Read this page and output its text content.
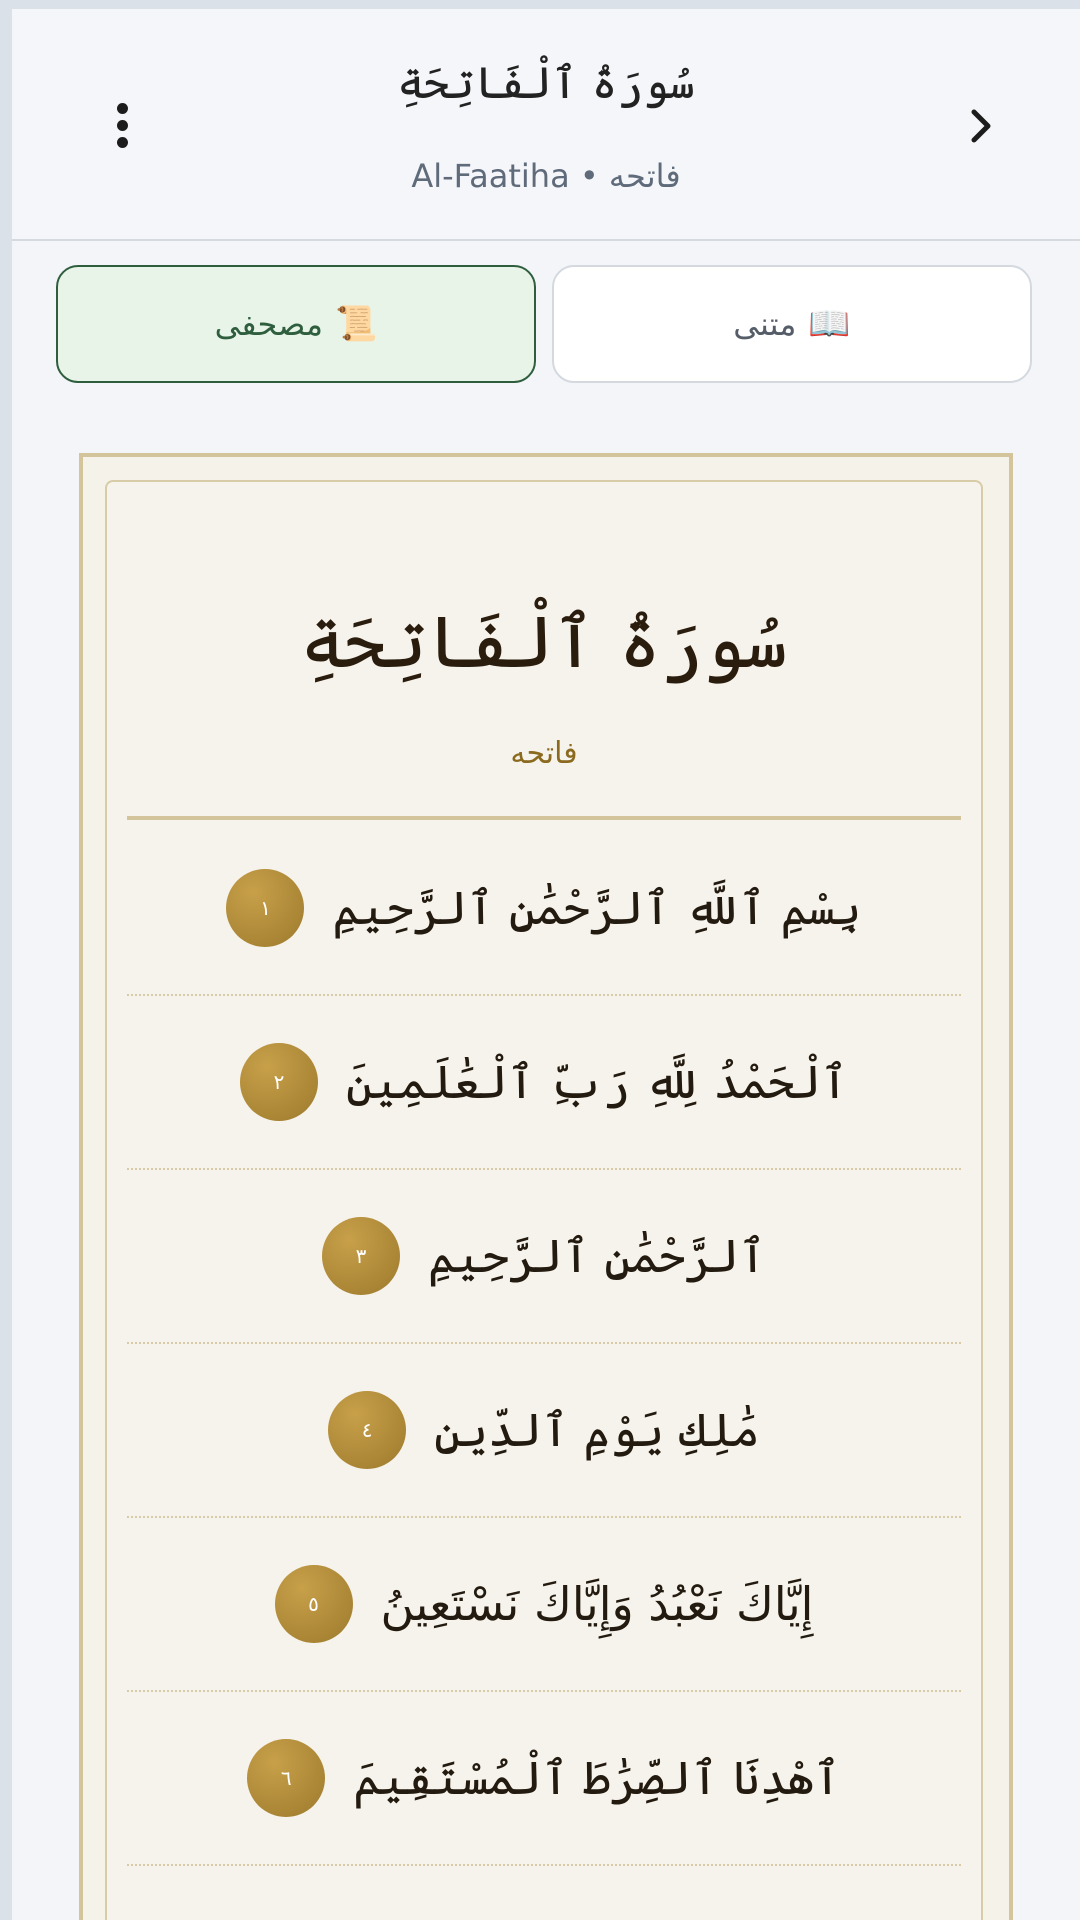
سُورَةُ ٱلْفَاتِحَةِ
Al-Faatiha • فاتحه
📜
مصحفی	📖
متنی
سُورَةُ ٱلْفَاتِحَةِ
فاتحه
بِسْمِ ٱللَّهِ ٱلرَّحْمَٰنِ ٱلرَّحِيمِ
١
ٱلْحَمْدُ لِلَّهِ رَبِّ ٱلْعَٰلَمِينَ
٢
ٱلرَّحْمَٰنِ ٱلرَّحِيمِ
٣
مَٰلِكِ يَوْمِ ٱلدِّينِ
٤
إِيَّاكَ نَعْبُدُ وَإِيَّاكَ نَسْتَعِينُ
٥
ٱهْدِنَا ٱلصِّرَٰطَ ٱلْمُسْتَقِيمَ
٦
